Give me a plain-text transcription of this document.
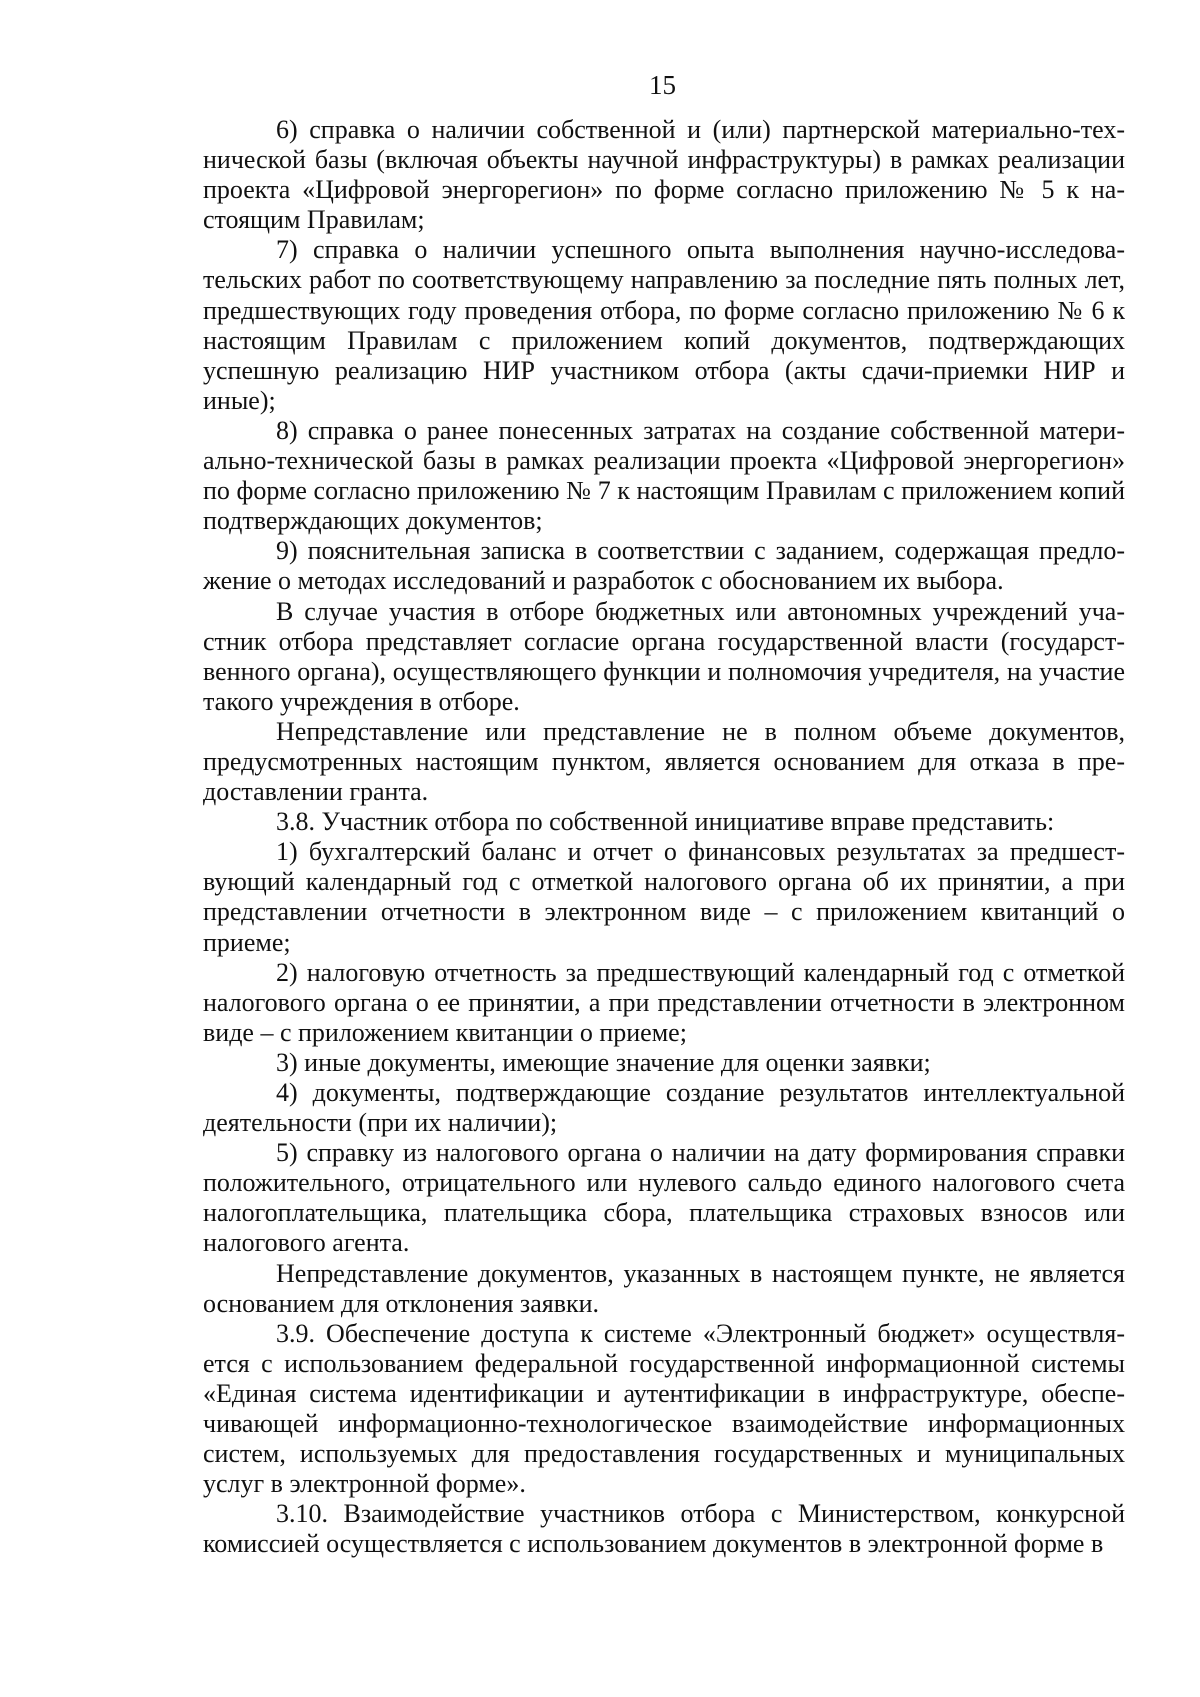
15

6) справка о наличии собственной и (или) партнерской материально-технической базы (включая объекты научной инфраструктуры) в рамках реализации проекта «Цифровой энергорегион» по форме согласно приложению № 5 к настоящим Правилам;

7) справка о наличии успешного опыта выполнения научно-исследовательских работ по соответствующему направлению за последние пять полных лет, предшествующих году проведения отбора, по форме согласно приложению № 6 к настоящим Правилам с приложением копий документов, подтверждающих успешную реализацию НИР участником отбора (акты сдачи-приемки НИР и иные);

8) справка о ранее понесенных затратах на создание собственной материально-технической базы в рамках реализации проекта «Цифровой энергорегион» по форме согласно приложению № 7 к настоящим Правилам с приложением копий подтверждающих документов;

9) пояснительная записка в соответствии с заданием, содержащая предложение о методах исследований и разработок с обоснованием их выбора.

В случае участия в отборе бюджетных или автономных учреждений участник отбора представляет согласие органа государственной власти (государственного органа), осуществляющего функции и полномочия учредителя, на участие такого учреждения в отборе.

Непредставление или представление не в полном объеме документов, предусмотренных настоящим пунктом, является основанием для отказа в предоставлении гранта.

3.8. Участник отбора по собственной инициативе вправе представить:

1) бухгалтерский баланс и отчет о финансовых результатах за предшествующий календарный год с отметкой налогового органа об их принятии, а при представлении отчетности в электронном виде – с приложением квитанций о приеме;

2) налоговую отчетность за предшествующий календарный год с отметкой налогового органа о ее принятии, а при представлении отчетности в электронном виде – с приложением квитанции о приеме;

3) иные документы, имеющие значение для оценки заявки;

4) документы, подтверждающие создание результатов интеллектуальной деятельности (при их наличии);

5) справку из налогового органа о наличии на дату формирования справки положительного, отрицательного или нулевого сальдо единого налогового счета налогоплательщика, плательщика сбора, плательщика страховых взносов или налогового агента.

Непредставление документов, указанных в настоящем пункте, не является основанием для отклонения заявки.

3.9. Обеспечение доступа к системе «Электронный бюджет» осуществляется с использованием федеральной государственной информационной системы «Единая система идентификации и аутентификации в инфраструктуре, обеспечивающей информационно-технологическое взаимодействие информационных систем, используемых для предоставления государственных и муниципальных услуг в электронной форме».

3.10. Взаимодействие участников отбора с Министерством, конкурсной комиссией осуществляется с использованием документов в электронной форме в
